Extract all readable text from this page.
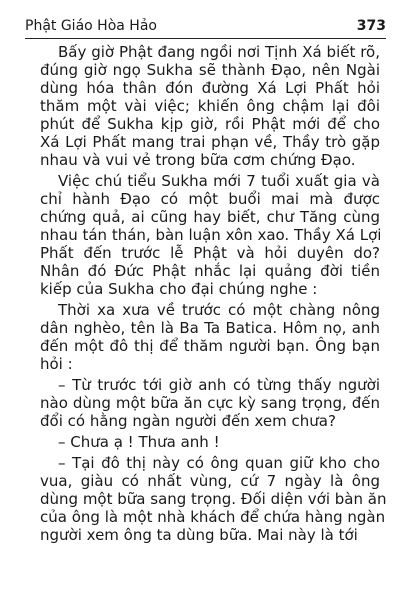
Phật Giáo Hòa Hảo	373
Bấy giờ Phật đang ngồi nơi Tịnh Xá biết rõ,
đúng giờ ngọ Sukha sẽ thành Đạo, nên Ngài
dùng hóa thân đón đường Xá Lợi Phất hỏi
thăm một vài việc; khiến ông chậm lại đôi
phút để Sukha kịp giờ, rồi Phật mới để cho
Xá Lợi Phất mang trai phạn về, Thầy trò gặp
nhau và vui vẻ trong bữa cơm chứng Đạo.
Việc chú tiểu Sukha mới 7 tuổi xuất gia và
chỉ hành Đạo có một buổi mai mà được
chứng quả, ai cũng hay biết, chư Tăng cùng
nhau tán thán, bàn luận xôn xao. Thầy Xá Lợi
Phất đến trước lễ Phật và hỏi duyên do?
Nhân đó Đức Phật nhắc lại quảng đời tiền
kiếp của Sukha cho đại chúng nghe :
Thời xa xưa về trước có một chàng nông
dân nghèo, tên là Ba Ta Batica. Hôm nọ, anh
đến một đô thị để thăm người bạn. Ông bạn
hỏi :
– Từ trước tới giờ anh có từng thấy người
nào dùng một bữa ăn cực kỳ sang trọng, đến
đổi có hằng ngàn người đến xem chưa?
– Chưa ạ ! Thưa anh !
– Tại đô thị này có ông quan giữ kho cho
vua, giàu có nhất vùng, cứ 7 ngày là ông
dùng một bữa sang trọng. Đối diện với bàn ăn
của ông là một nhà khách để chứa hàng ngàn
người xem ông ta dùng bữa. Mai này là tới
